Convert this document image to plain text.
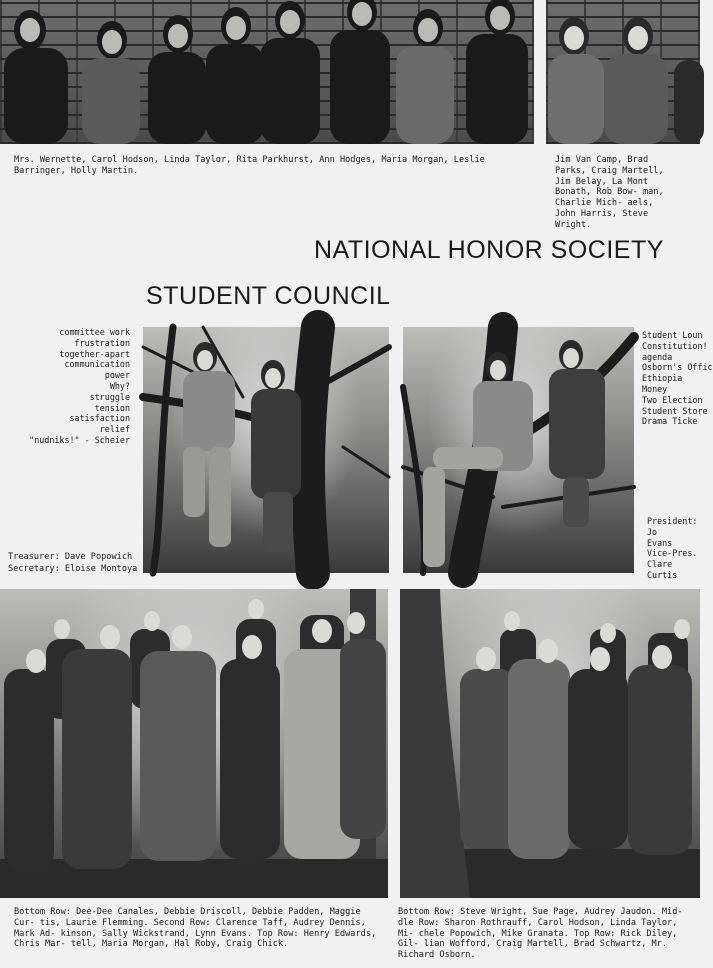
Mrs. Wernette, Carol Hodson, Linda Taylor, Rita Parkhurst, Ann Hodges, Maria Morgan, Leslie Barringer, Holly Martin.
Jim Van Camp, Brad Parks, Craig Martell, Jim Belay, La Mont Bonath, Rob Bow- man, Charlie Mich- aels, John Harris, Steve Wright.
NATIONAL HONOR SOCIETY
STUDENT COUNCIL
committee work
frustration
together-apart
communication
power
Why?
struggle
tension
satisfaction
relief
"nudniks!" - Scheier
Treasurer: Dave Popowich
Secretary: Eloise Montoya
Student Loun
Constitution!
agenda
Osborn's Offic
Ethiopia
Money
Two Election
Student Store
Drama Ticke
President:
Jo
Evans
Vice-Pres.
Clare
Curtis
Bottom Row: Dee-Dee Canales, Debbie Driscoll, Debbie Padden, Maggie Cur- tis, Laurie Flemming. Second Row: Clarence Taff, Audrey Dennis, Mark Ad- kinson, Sally Wickstrand, Lynn Evans. Top Row: Henry Edwards, Chris Mar- tell, Maria Morgan, Hal Roby, Craig Chick.
Bottom Row: Steve Wright, Sue Page, Audrey Jaudon. Mid- dle Row: Sharon Rothrauff, Carol Hodson, Linda Taylor, Mi- chele Popowich, Mike Granata. Top Row: Rick Diley, Gil- lian Wofford, Craig Martell, Brad Schwartz, Mr. Richard Osborn.
